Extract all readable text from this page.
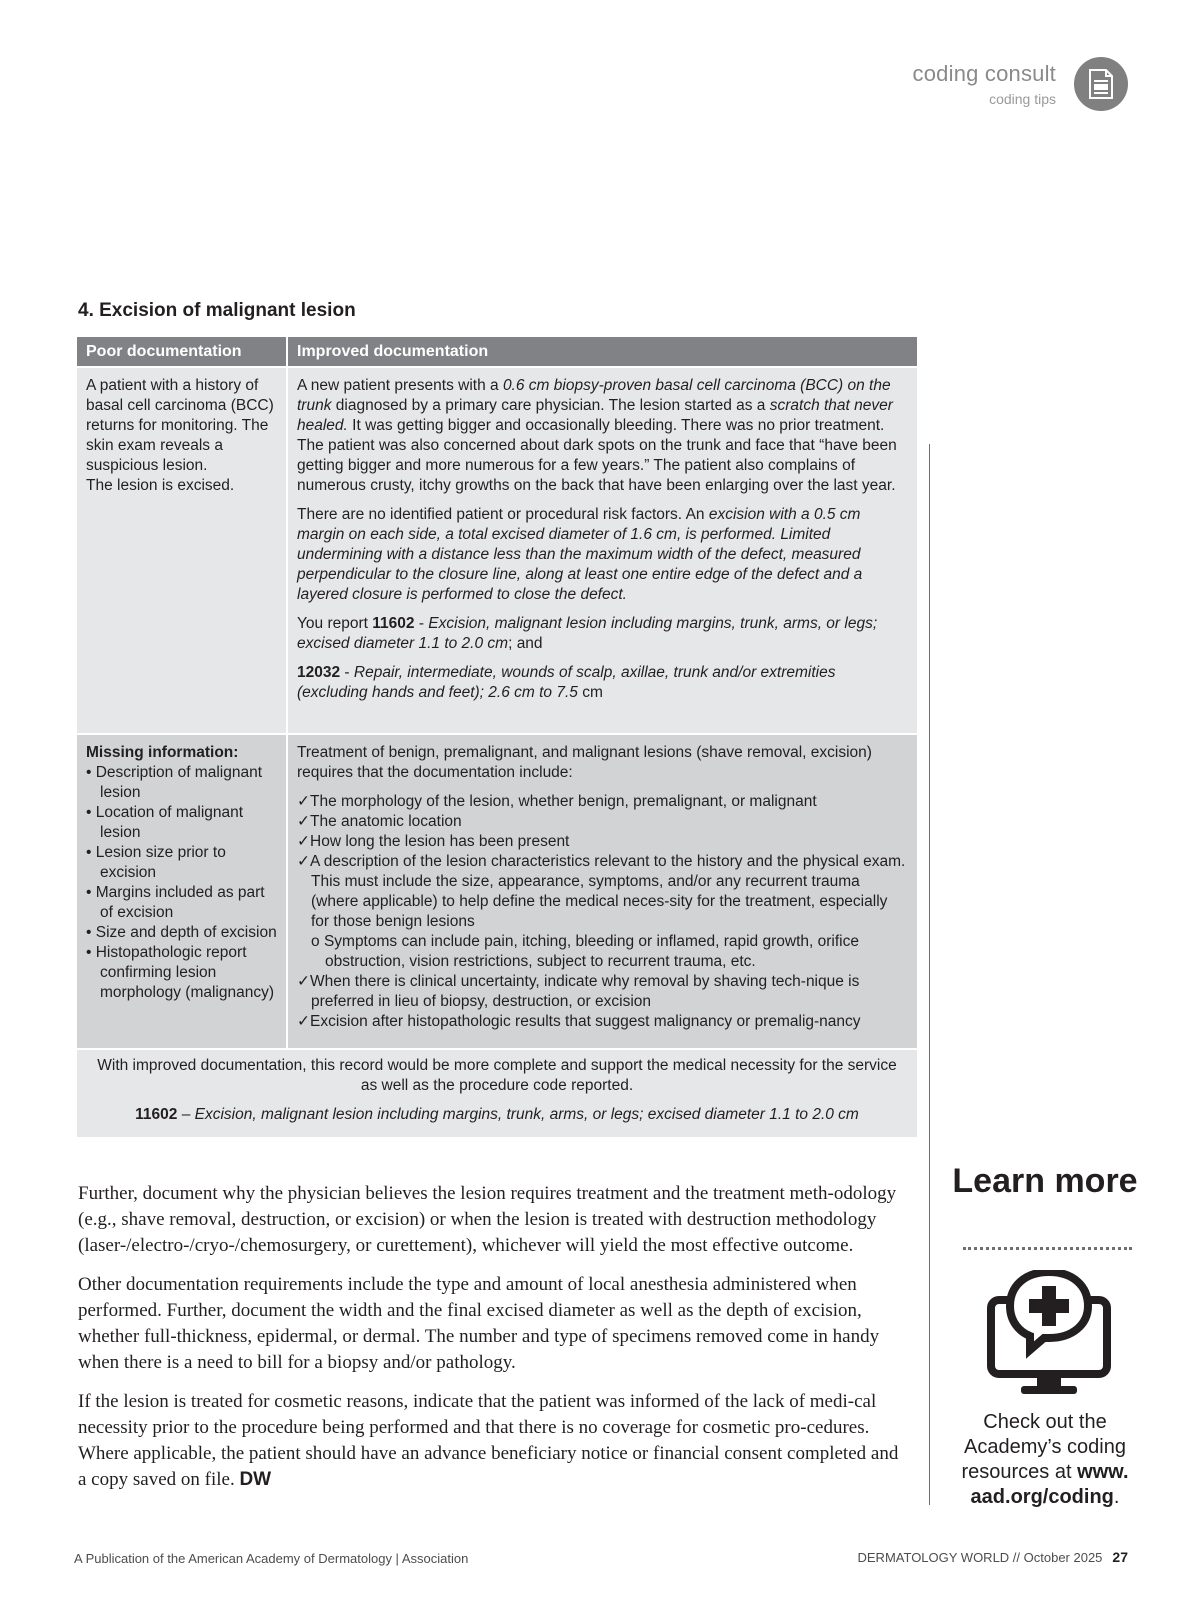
coding consult
coding tips
4. Excision of malignant lesion
Poor documentation	Improved documentation
A patient with a history of basal cell carcinoma (BCC) returns for monitoring. The skin exam reveals a suspicious lesion.
The lesion is excised.
A new patient presents with a 0.6 cm biopsy-proven basal cell carcinoma (BCC) on the trunk diagnosed by a primary care physician. The lesion started as a scratch that never healed. It was getting bigger and occasionally bleeding. There was no prior treatment. The patient was also concerned about dark spots on the trunk and face that “have been getting bigger and more numerous for a few years.” The patient also complains of numerous crusty, itchy growths on the back that have been enlarging over the last year.
There are no identified patient or procedural risk factors. An excision with a 0.5 cm margin on each side, a total excised diameter of 1.6 cm, is performed. Limited undermining with a distance less than the maximum width of the defect, measured perpendicular to the closure line, along at least one entire edge of the defect and a layered closure is performed to close the defect.
You report 11602 - Excision, malignant lesion including margins, trunk, arms, or legs; excised diameter 1.1 to 2.0 cm; and
12032 - Repair, intermediate, wounds of scalp, axillae, trunk and/or extremities (excluding hands and feet); 2.6 cm to 7.5 cm
Missing information:
• Description of malignant lesion
• Location of malignant lesion
• Lesion size prior to excision
• Margins included as part of excision
• Size and depth of excision
• Histopathologic report confirming lesion morphology (malignancy)
Treatment of benign, premalignant, and malignant lesions (shave removal, excision) requires that the documentation include:
✓The morphology of the lesion, whether benign, premalignant, or malignant
✓The anatomic location
✓How long the lesion has been present
✓A description of the lesion characteristics relevant to the history and the physical exam. This must include the size, appearance, symptoms, and/or any recurrent trauma (where applicable) to help define the medical neces-sity for the treatment, especially for those benign lesions
o Symptoms can include pain, itching, bleeding or inflamed, rapid growth, orifice obstruction, vision restrictions, subject to recurrent trauma, etc.
✓When there is clinical uncertainty, indicate why removal by shaving tech-nique is preferred in lieu of biopsy, destruction, or excision
✓Excision after histopathologic results that suggest malignancy or premalig-nancy
With improved documentation, this record would be more complete and support the medical necessity for the service as well as the procedure code reported.
11602 – Excision, malignant lesion including margins, trunk, arms, or legs; excised diameter 1.1 to 2.0 cm

Further, document why the physician believes the lesion requires treatment and the treatment meth-odology (e.g., shave removal, destruction, or excision) or when the lesion is treated with destruction methodology (laser-/electro-/cryo-/chemosurgery, or curettement), whichever will yield the most effective outcome.

Other documentation requirements include the type and amount of local anesthesia administered when performed. Further, document the width and the final excised diameter as well as the depth of excision, whether full-thickness, epidermal, or dermal. The number and type of specimens removed come in handy when there is a need to bill for a biopsy and/or pathology.

If the lesion is treated for cosmetic reasons, indicate that the patient was informed of the lack of medi-cal necessity prior to the procedure being performed and that there is no coverage for cosmetic pro-cedures. Where applicable, the patient should have an advance beneficiary notice or financial consent completed and a copy saved on file. DW

Learn more
Check out the Academy’s coding resources at www. aad.org/coding.
A Publication of the American Academy of Dermatology | Association	DERMATOLOGY WORLD // October 2025 27
